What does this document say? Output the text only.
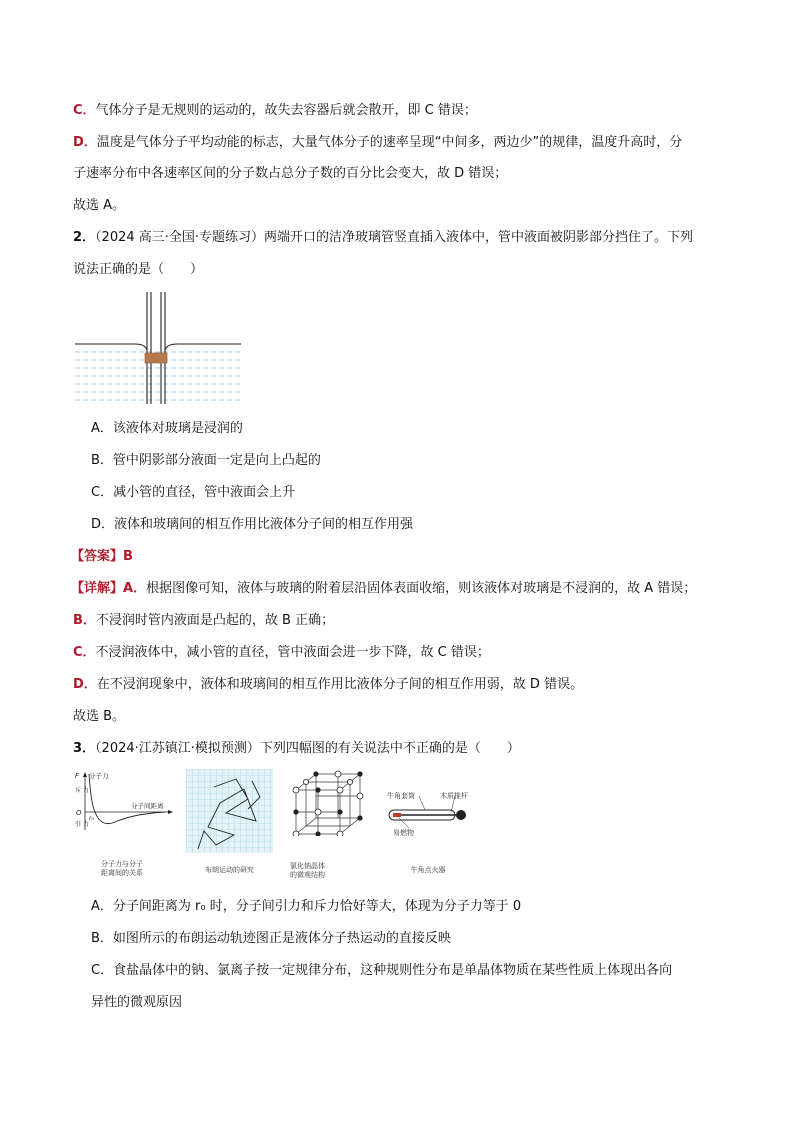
C．气体分子是无规则的运动的，故失去容器后就会散开，即 C 错误；
D．温度是气体分子平均动能的标志，大量气体分子的速率呈现“中间多，两边少”的规律，温度升高时，分
子速率分布中各速率区间的分子数占总分子数的百分比会变大，故 D 错误；
故选 A。
2．（2024 高三·全国·专题练习）两端开口的洁净玻璃管竖直插入液体中，管中液面被阴影部分挡住了。下列
说法正确的是（　　）
A．该液体对玻璃是浸润的
B．管中阴影部分液面一定是向上凸起的
C．减小管的直径，管中液面会上升
D．液体和玻璃间的相互作用比液体分子间的相互作用强
【答案】B
【详解】A．根据图像可知，液体与玻璃的附着层沿固体表面收缩，则该液体对玻璃是不浸润的，故 A 错误；
B．不浸润时管内液面是凸起的，故 B 正确；
C．不浸润液体中，减小管的直径，管中液面会进一步下降，故 C 错误；
D．在不浸润现象中，液体和玻璃间的相互作用比液体分子间的相互作用弱，故 D 错误。
故选 B。
3．（2024·江苏镇江·模拟预测）下列四幅图的有关说法中不正确的是（　　）
F
斥 力
O
引 力
r₀
分子力
分子间距离
分子力与分子
距离间的关系	布朗运动的研究	氯化钠晶体
的微观结构
牛角套筒	木质推杆
易燃物
牛角点火器
A．分子间距离为 r₀ 时，分子间引力和斥力恰好等大，体现为分子力等于 0
B．如图所示的布朗运动轨迹图正是液体分子热运动的直接反映
C．食盐晶体中的钠、氯离子按一定规律分布，这种规则性分布是单晶体物质在某些性质上体现出各向
异性的微观原因
